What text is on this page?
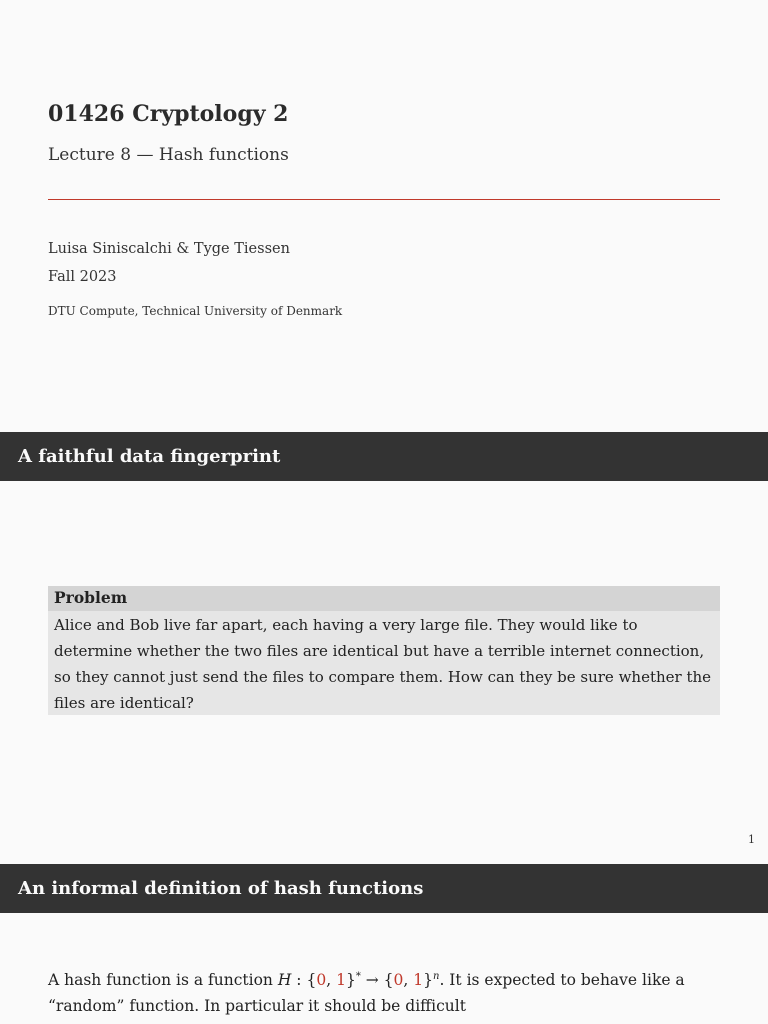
01426 Cryptology 2
Lecture 8 — Hash functions
Luisa Siniscalchi & Tyge Tiessen
Fall 2023
DTU Compute, Technical University of Denmark
A faithful data fingerprint
Problem
Alice and Bob live far apart, each having a very large file. They would like to determine whether the two files are identical but have a terrible internet connection, so they cannot just send the files to compare them. How can they be sure whether the files are identical?
1
An informal definition of hash functions
A hash function is a function H : {0, 1}* → {0, 1}$^n$. It is expected to behave like a
“random” function. In particular it should be difficult
